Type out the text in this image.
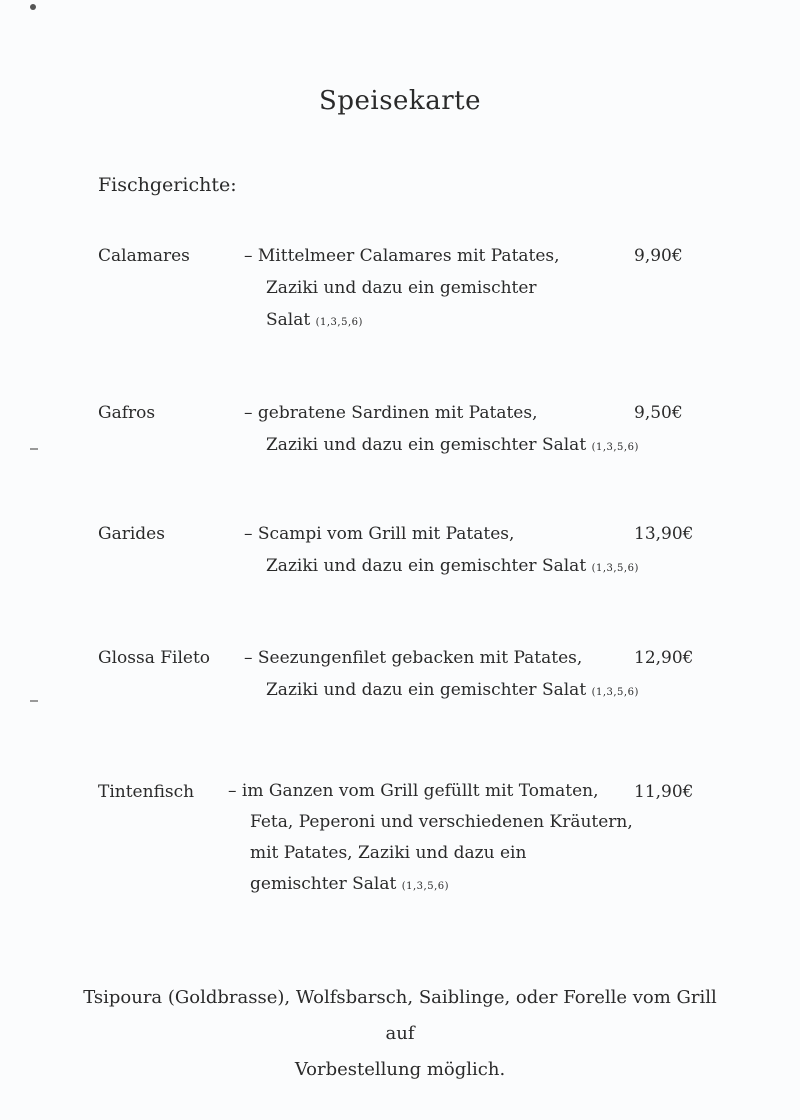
Speisekarte
Fischgerichte:
Calamares	– Mittelmeer Calamares mit Patates,
Zaziki und dazu ein gemischter
Salat (1,3,5,6)
9,90€
Gafros	– gebratene Sardinen mit Patates,
Zaziki und dazu ein gemischter Salat (1,3,5,6)
9,50€
Garides	– Scampi vom Grill mit Patates,
Zaziki und dazu ein gemischter Salat (1,3,5,6)
13,90€
Glossa Fileto – Seezungenfilet gebacken mit Patates,
Zaziki und dazu ein gemischter Salat (1,3,5,6)
12,90€
Tintenfisch – im Ganzen vom Grill gefüllt mit Tomaten,
Feta, Peperoni und verschiedenen Kräutern,
mit Patates, Zaziki und dazu ein
gemischter Salat (1,3,5,6)
11,90€
Tsipoura (Goldbrasse), Wolfsbarsch, Saiblinge, oder Forelle vom Grill auf
Vorbestellung möglich.
